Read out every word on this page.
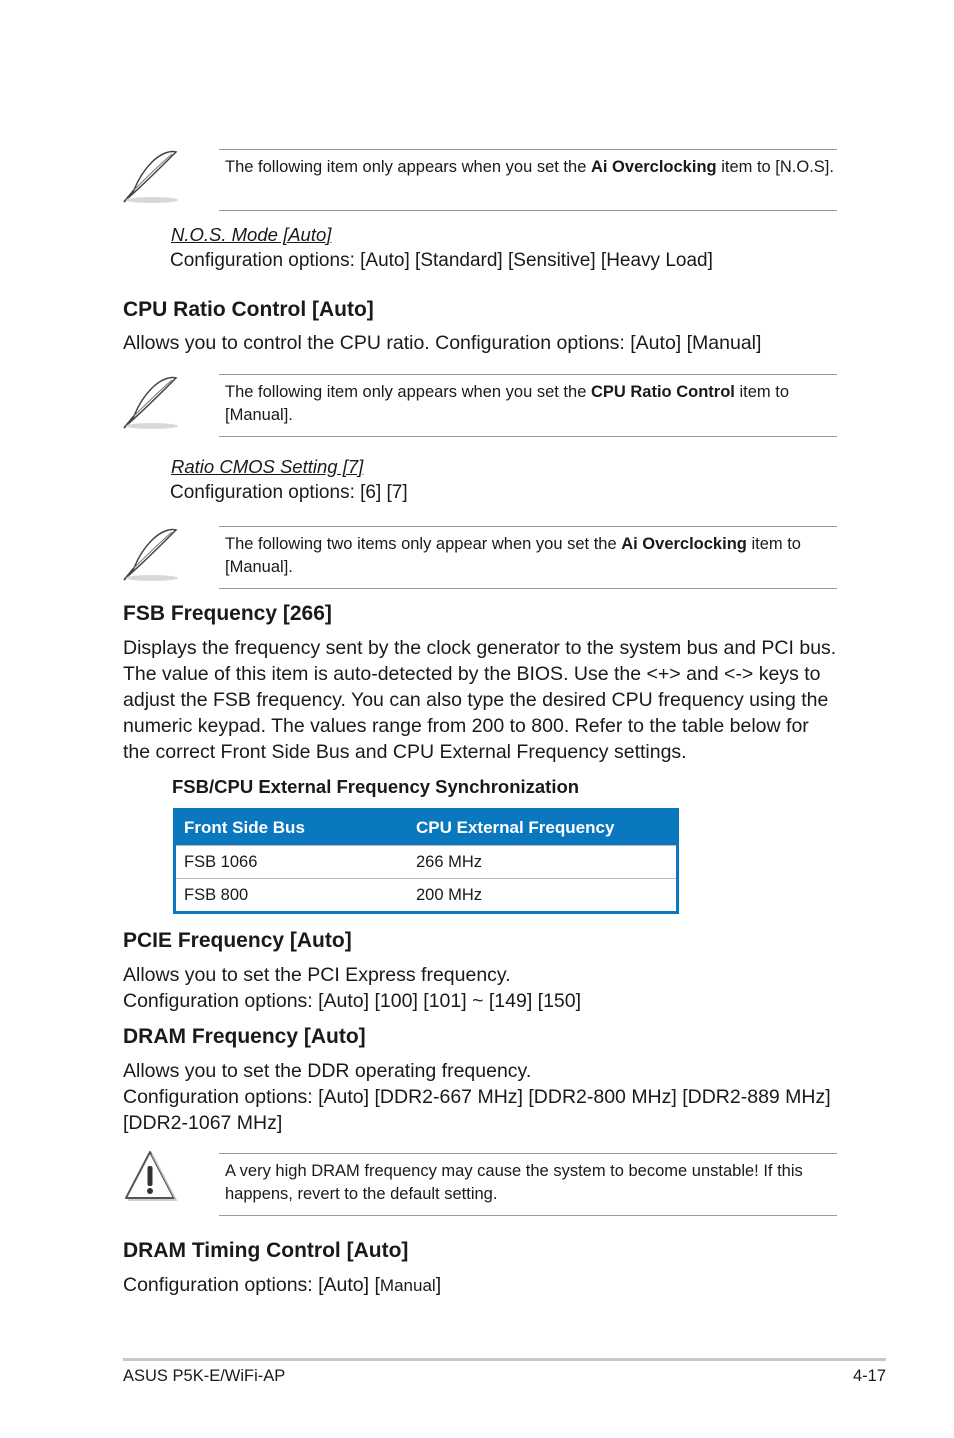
The following item only appears when you set the Ai Overclocking item to [N.O.S].
N.O.S. Mode [Auto]
Configuration options: [Auto] [Standard] [Sensitive] [Heavy Load]
CPU Ratio Control [Auto]
Allows you to control the CPU ratio. Configuration options: [Auto] [Manual]
The following item only appears when you set the CPU Ratio Control item to [Manual].
Ratio CMOS Setting [7]
Configuration options: [6] [7]
The following two items only appear when you set the Ai Overclocking item to [Manual].
FSB Frequency [266]
Displays the frequency sent by the clock generator to the system bus and PCI bus. The value of this item is auto-detected by the BIOS. Use the <+> and <-> keys to adjust the FSB frequency. You can also type the desired CPU frequency using the numeric keypad. The values range from 200 to 800. Refer to the table below for the correct Front Side Bus and CPU External Frequency settings.
FSB/CPU External Frequency Synchronization
Front Side Bus	CPU External Frequency
FSB 1066	266 MHz
FSB 800	200 MHz
PCIE Frequency [Auto]
Allows you to set the PCI Express frequency.
Configuration options: [Auto] [100] [101] ~ [149] [150]
DRAM Frequency [Auto]
Allows you to set the DDR operating frequency.
Configuration options: [Auto] [DDR2-667 MHz] [DDR2-800 MHz] [DDR2-889 MHz] [DDR2-1067 MHz]
A very high DRAM frequency may cause the system to become unstable! If this happens, revert to the default setting.
DRAM Timing Control [Auto]
Configuration options: [Auto] [Manual]
ASUS P5K-E/WiFi-AP	4-17
